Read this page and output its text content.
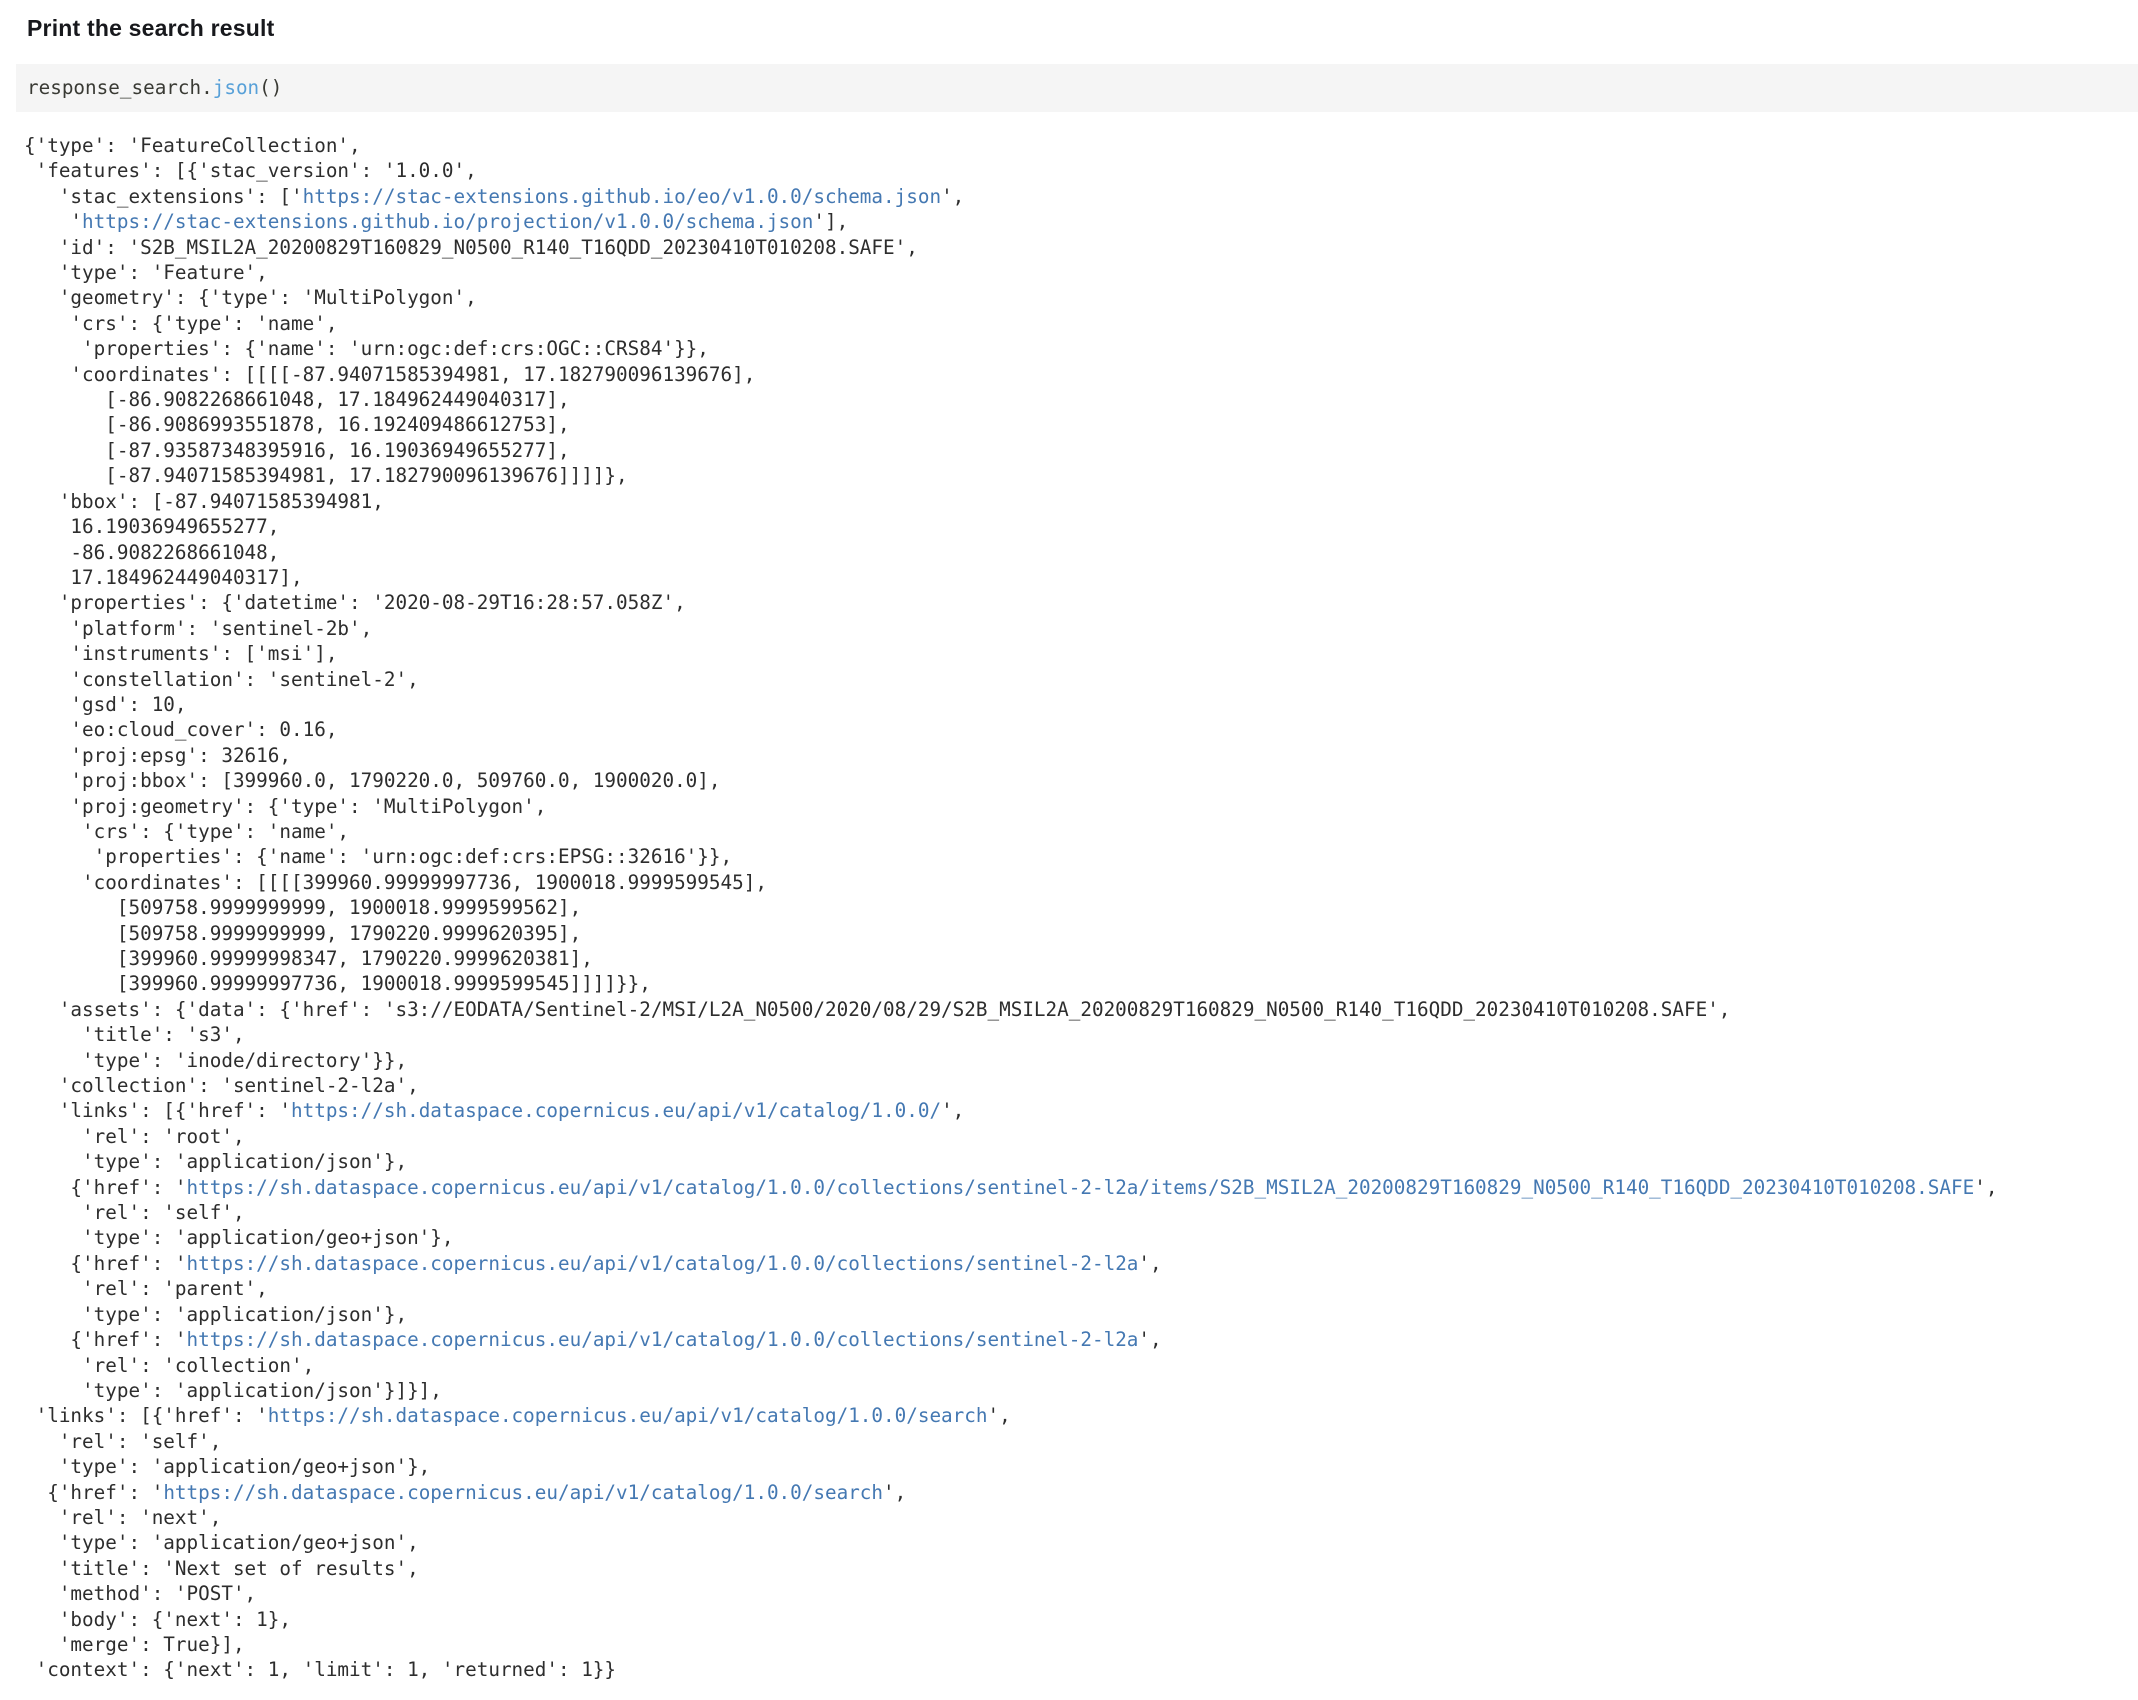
Print the search result
response_search.json()
{'type': 'FeatureCollection',
'features': [{'stac_version': '1.0.0',
'stac_extensions': ['https://stac-extensions.github.io/eo/v1.0.0/schema.json',
'https://stac-extensions.github.io/projection/v1.0.0/schema.json'],
'id': 'S2B_MSIL2A_20200829T160829_N0500_R140_T16QDD_20230410T010208.SAFE',
'type': 'Feature',
'geometry': {'type': 'MultiPolygon',
'crs': {'type': 'name',
'properties': {'name': 'urn:ogc:def:crs:OGC::CRS84'}},
'coordinates': [[[[-87.94071585394981, 17.182790096139676],
[-86.9082268661048, 17.184962449040317],
[-86.9086993551878, 16.192409486612753],
[-87.93587348395916, 16.19036949655277],
[-87.94071585394981, 17.182790096139676]]]]},
'bbox': [-87.94071585394981,
16.19036949655277,
-86.9082268661048,
17.184962449040317],
'properties': {'datetime': '2020-08-29T16:28:57.058Z',
'platform': 'sentinel-2b',
'instruments': ['msi'],
'constellation': 'sentinel-2',
'gsd': 10,
'eo:cloud_cover': 0.16,
'proj:epsg': 32616,
'proj:bbox': [399960.0, 1790220.0, 509760.0, 1900020.0],
'proj:geometry': {'type': 'MultiPolygon',
'crs': {'type': 'name',
'properties': {'name': 'urn:ogc:def:crs:EPSG::32616'}},
'coordinates': [[[[399960.99999997736, 1900018.9999599545],
[509758.9999999999, 1900018.9999599562],
[509758.9999999999, 1790220.9999620395],
[399960.99999998347, 1790220.9999620381],
[399960.99999997736, 1900018.9999599545]]]]}},
'assets': {'data': {'href': 's3://EODATA/Sentinel-2/MSI/L2A_N0500/2020/08/29/S2B_MSIL2A_20200829T160829_N0500_R140_T16QDD_20230410T010208.SAFE',
'title': 's3',
'type': 'inode/directory'}},
'collection': 'sentinel-2-l2a',
'links': [{'href': 'https://sh.dataspace.copernicus.eu/api/v1/catalog/1.0.0/',
'rel': 'root',
'type': 'application/json'},
{'href': 'https://sh.dataspace.copernicus.eu/api/v1/catalog/1.0.0/collections/sentinel-2-l2a/items/S2B_MSIL2A_20200829T160829_N0500_R140_T16QDD_20230410T010208.SAFE',
'rel': 'self',
'type': 'application/geo+json'},
{'href': 'https://sh.dataspace.copernicus.eu/api/v1/catalog/1.0.0/collections/sentinel-2-l2a',
'rel': 'parent',
'type': 'application/json'},
{'href': 'https://sh.dataspace.copernicus.eu/api/v1/catalog/1.0.0/collections/sentinel-2-l2a',
'rel': 'collection',
'type': 'application/json'}]}],
'links': [{'href': 'https://sh.dataspace.copernicus.eu/api/v1/catalog/1.0.0/search',
'rel': 'self',
'type': 'application/geo+json'},
{'href': 'https://sh.dataspace.copernicus.eu/api/v1/catalog/1.0.0/search',
'rel': 'next',
'type': 'application/geo+json',
'title': 'Next set of results',
'method': 'POST',
'body': {'next': 1},
'merge': True}],
'context': {'next': 1, 'limit': 1, 'returned': 1}}
